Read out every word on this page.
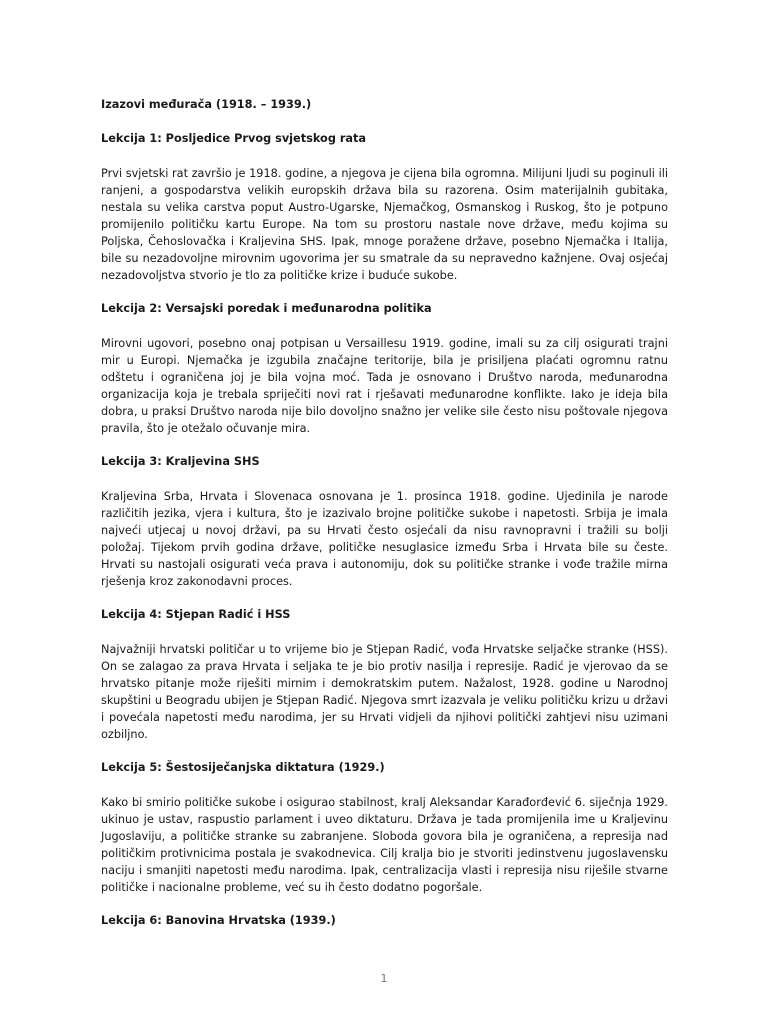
Izazovi međurača (1918. – 1939.)

Lekcija 1: Posljedice Prvog svjetskog rata

Prvi svjetski rat završio je 1918. godine, a njegova je cijena bila ogromna. Milijuni ljudi su poginuli ili ranjeni, a gospodarstva velikih europskih država bila su razorena. Osim materijalnih gubitaka, nestala su velika carstva poput Austro-Ugarske, Njemačkog, Osmanskog i Ruskog, što je potpuno promijenilo političku kartu Europe. Na tom su prostoru nastale nove države, među kojima su Poljska, Čehoslovačka i Kraljevina SHS. Ipak, mnoge poražene države, posebno Njemačka i Italija, bile su nezadovoljne mirovnim ugovorima jer su smatrale da su nepravedno kažnjene. Ovaj osjećaj nezadovoljstva stvorio je tlo za političke krize i buduće sukobe.

Lekcija 2: Versajski poredak i međunarodna politika

Mirovni ugovori, posebno onaj potpisan u Versaillesu 1919. godine, imali su za cilj osigurati trajni mir u Europi. Njemačka je izgubila značajne teritorije, bila je prisiljena plaćati ogromnu ratnu odštetu i ograničena joj je bila vojna moć. Tada je osnovano i Društvo naroda, međunarodna organizacija koja je trebala spriječiti novi rat i rješavati međunarodne konflikte. Iako je ideja bila dobra, u praksi Društvo naroda nije bilo dovoljno snažno jer velike sile često nisu poštovale njegova pravila, što je otežalo očuvanje mira.

Lekcija 3: Kraljevina SHS

Kraljevina Srba, Hrvata i Slovenaca osnovana je 1. prosinca 1918. godine. Ujedinila je narode različitih jezika, vjera i kultura, što je izazivalo brojne političke sukobe i napetosti. Srbija je imala najveći utjecaj u novoj državi, pa su Hrvati često osjećali da nisu ravnopravni i tražili su bolji položaj. Tijekom prvih godina države, političke nesuglasice između Srba i Hrvata bile su česte. Hrvati su nastojali osigurati veća prava i autonomiju, dok su političke stranke i vođe tražile mirna rješenja kroz zakonodavni proces.

Lekcija 4: Stjepan Radić i HSS

Najvažniji hrvatski političar u to vrijeme bio je Stjepan Radić, vođa Hrvatske seljačke stranke (HSS). On se zalagao za prava Hrvata i seljaka te je bio protiv nasilja i represije. Radić je vjerovao da se hrvatsko pitanje može riješiti mirnim i demokratskim putem. Nažalost, 1928. godine u Narodnoj skupštini u Beogradu ubijen je Stjepan Radić. Njegova smrt izazvala je veliku političku krizu u državi i povećala napetosti među narodima, jer su Hrvati vidjeli da njihovi politički zahtjevi nisu uzimani ozbiljno.

Lekcija 5: Šestosiječanjska diktatura (1929.)

Kako bi smirio političke sukobe i osigurao stabilnost, kralj Aleksandar Karađorđević 6. siječnja 1929. ukinuo je ustav, raspustio parlament i uveo diktaturu. Država je tada promijenila ime u Kraljevinu Jugoslaviju, a političke stranke su zabranjene. Sloboda govora bila je ograničena, a represija nad političkim protivnicima postala je svakodnevica. Cilj kralja bio je stvoriti jedinstvenu jugoslavensku naciju i smanjiti napetosti među narodima. Ipak, centralizacija vlasti i represija nisu riješile stvarne političke i nacionalne probleme, već su ih često dodatno pogoršale.

Lekcija 6: Banovina Hrvatska (1939.)

1
